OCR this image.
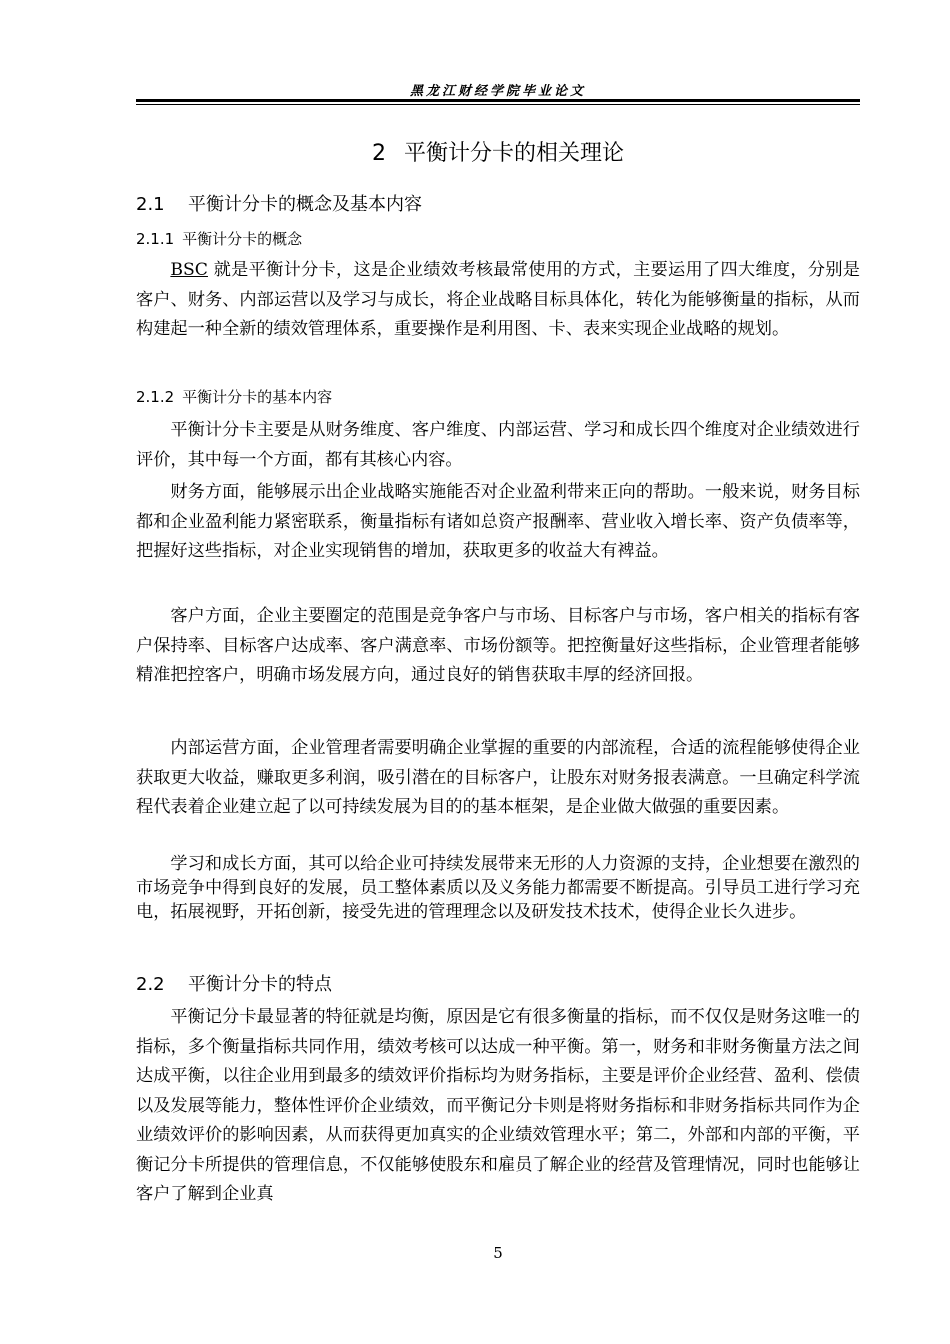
黑龙江财经学院毕业论文
2 平衡计分卡的相关理论
2.1 平衡计分卡的概念及基本内容
2.1.1 平衡计分卡的概念

BSC 就是平衡计分卡，这是企业绩效考核最常使用的方式，主要运用了四大维度，分别是客户、财务、内部运营以及学习与成长，将企业战略目标具体化，转化为能够衡量的指标，从而构建起一种全新的绩效管理体系，重要操作是利用图、卡、表来实现企业战略的规划。

2.1.2 平衡计分卡的基本内容

平衡计分卡主要是从财务维度、客户维度、内部运营、学习和成长四个维度对企业绩效进行评价，其中每一个方面，都有其核心内容。

财务方面，能够展示出企业战略实施能否对企业盈利带来正向的帮助。一般来说，财务目标都和企业盈利能力紧密联系，衡量指标有诸如总资产报酬率、营业收入增长率、资产负债率等，把握好这些指标，对企业实现销售的增加，获取更多的收益大有裨益。

客户方面，企业主要圈定的范围是竞争客户与市场、目标客户与市场，客户相关的指标有客户保持率、目标客户达成率、客户满意率、市场份额等。把控衡量好这些指标，企业管理者能够精准把控客户，明确市场发展方向，通过良好的销售获取丰厚的经济回报。

内部运营方面，企业管理者需要明确企业掌握的重要的内部流程，合适的流程能够使得企业获取更大收益，赚取更多利润，吸引潜在的目标客户，让股东对财务报表满意。一旦确定科学流程代表着企业建立起了以可持续发展为目的的基本框架，是企业做大做强的重要因素。

学习和成长方面，其可以给企业可持续发展带来无形的人力资源的支持，企业想要在激烈的市场竞争中得到良好的发展，员工整体素质以及义务能力都需要不断提高。引导员工进行学习充电，拓展视野，开拓创新，接受先进的管理理念以及研发技术技术，使得企业长久进步。

2.2 平衡计分卡的特点

平衡记分卡最显著的特征就是均衡，原因是它有很多衡量的指标，而不仅仅是财务这唯一的指标，多个衡量指标共同作用，绩效考核可以达成一种平衡。第一，财务和非财务衡量方法之间达成平衡，以往企业用到最多的绩效评价指标均为财务指标，主要是评价企业经营、盈利、偿债以及发展等能力，整体性评价企业绩效，而平衡记分卡则是将财务指标和非财务指标共同作为企业绩效评价的影响因素，从而获得更加真实的企业绩效管理水平；第二，外部和内部的平衡，平衡记分卡所提供的管理信息，不仅能够使股东和雇员了解企业的经营及管理情况，同时也能够让客户了解到企业真

5
